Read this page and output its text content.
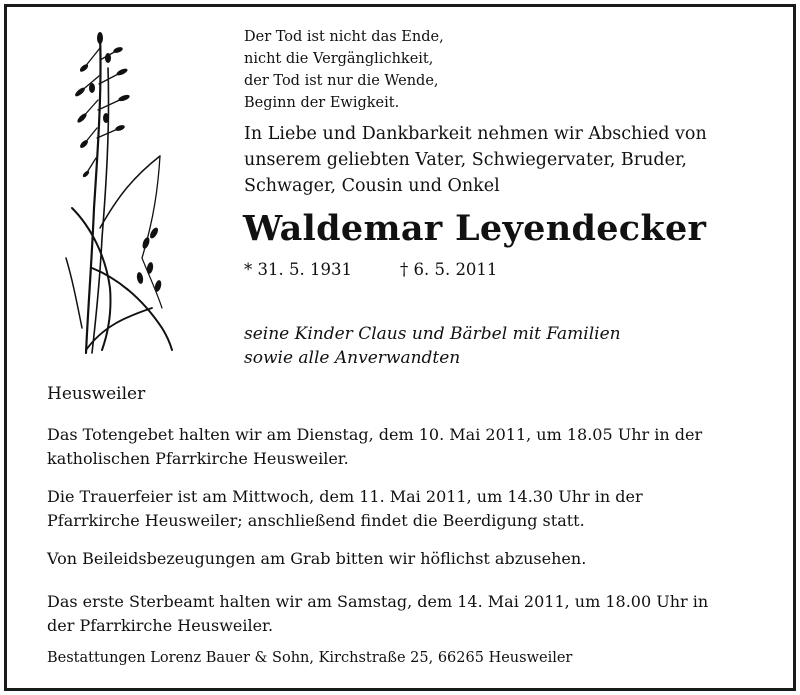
Der Tod ist nicht das Ende,
nicht die Vergänglichkeit,
der Tod ist nur die Wende,
Beginn der Ewigkeit.
In Liebe und Dankbarkeit nehmen wir Abschied von
unserem geliebten Vater, Schwiegervater, Bruder,
Schwager, Cousin und Onkel
Waldemar Leyendecker
* 31. 5. 1931	† 6. 5. 2011
seine Kinder Claus und Bärbel mit Familien
sowie alle Anverwandten
Heusweiler
Das Totengebet halten wir am Dienstag, dem 10. Mai 2011, um 18.05 Uhr in der
katholischen Pfarrkirche Heusweiler.
Die Trauerfeier ist am Mittwoch, dem 11. Mai 2011, um 14.30 Uhr in der
Pfarrkirche Heusweiler; anschließend findet die Beerdigung statt.
Von Beileidsbezeugungen am Grab bitten wir höflichst abzusehen.
Das erste Sterbeamt halten wir am Samstag, dem 14. Mai 2011, um 18.00 Uhr in
der Pfarrkirche Heusweiler.
Bestattungen Lorenz Bauer & Sohn, Kirchstraße 25, 66265 Heusweiler
